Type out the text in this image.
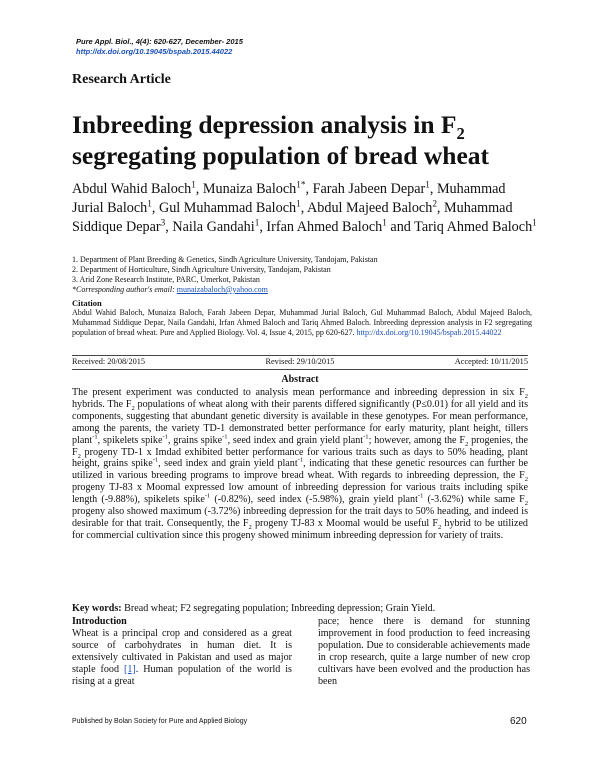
Pure Appl. Biol., 4(4): 620-627, December- 2015
http://dx.doi.org/10.19045/bspab.2015.44022
Research Article
Inbreeding depression analysis in $F_2$
segregating population of bread wheat
Abdul Wahid Baloch$^1$, Munaiza Baloch$^{1*}$, Farah Jabeen Depar$^1$, Muhammad Jurial Baloch$^1$, Gul Muhammad Baloch$^1$, Abdul Majeed Baloch$^2$, Muhammad Siddique Depar$^3$, Naila Gandahi$^1$, Irfan Ahmed Baloch$^1$ and Tariq Ahmed Baloch$^1$
1. Department of Plant Breeding & Genetics, Sindh Agriculture University, Tandojam, Pakistan
2. Department of Horticulture, Sindh Agriculture University, Tandojam, Pakistan
3. Arid Zone Research Institute, PARC, Umerkot, Pakistan
*Corresponding author's email: munaizabaloch@yahoo.com
Citation
Abdul Wahid Baloch, Munaiza Baloch, Farah Jabeen Depar, Muhammad Jurial Baloch, Gul Muhammad Baloch, Abdul Majeed Baloch, Muhammad Siddique Depar, Naila Gandahi, Irfan Ahmed Baloch and Tariq Ahmed Baloch. Inbreeding depression analysis in F2 segregating population of bread wheat. Pure and Applied Biology. Vol. 4, Issue 4, 2015, pp 620-627. http://dx.doi.org/10.19045/bspab.2015.44022
Received: 20/08/2015	Revised: 29/10/2015	Accepted: 10/11/2015
Abstract
The present experiment was conducted to analysis mean performance and inbreeding depression in six $F_2$ hybrids. The $F_2$ populations of wheat along with their parents differed significantly (P≤0.01) for all yield and its components, suggesting that abundant genetic diversity is available in these genotypes. For mean performance, among the parents, the variety TD-1 demonstrated better performance for early maturity, plant height, tillers plant$^{-1}$, spikelets spike$^{-1}$, grains spike$^{-1}$, seed index and grain yield plant$^{-1}$; however, among the $F_2$ progenies, the $F_2$ progeny TD-1 x Imdad exhibited better performance for various traits such as days to 50% heading, plant height, grains spike$^{-1}$, seed index and grain yield plant$^{-1}$, indicating that these genetic resources can further be utilized in various breeding programs to improve bread wheat. With regards to inbreeding depression, the $F_2$ progeny TJ-83 x Moomal expressed low amount of inbreeding depression for various traits including spike length (-9.88%), spikelets spike$^{-1}$ (-0.82%), seed index (-5.98%), grain yield plant$^{-1}$ (-3.62%) while same $F_2$ progeny also showed maximum (-3.72%) inbreeding depression for the trait days to 50% heading, and indeed is desirable for that trait. Consequently, the $F_2$ progeny TJ-83 x Moomal would be useful $F_2$ hybrid to be utilized for commercial cultivation since this progeny showed minimum inbreeding depression for variety of traits.
Key words: Bread wheat; F2 segregating population; Inbreeding depression; Grain Yield.
Introduction
Wheat is a principal crop and considered as a great source of carbohydrates in human diet. It is extensively cultivated in Pakistan and used as major staple food [1]. Human population of the world is rising at a great
pace; hence there is demand for stunning improvement in food production to feed increasing population. Due to considerable achievements made in crop research, quite a large number of new crop cultivars have been evolved and the production has been
Published by Bolan Society for Pure and Applied Biology	620
